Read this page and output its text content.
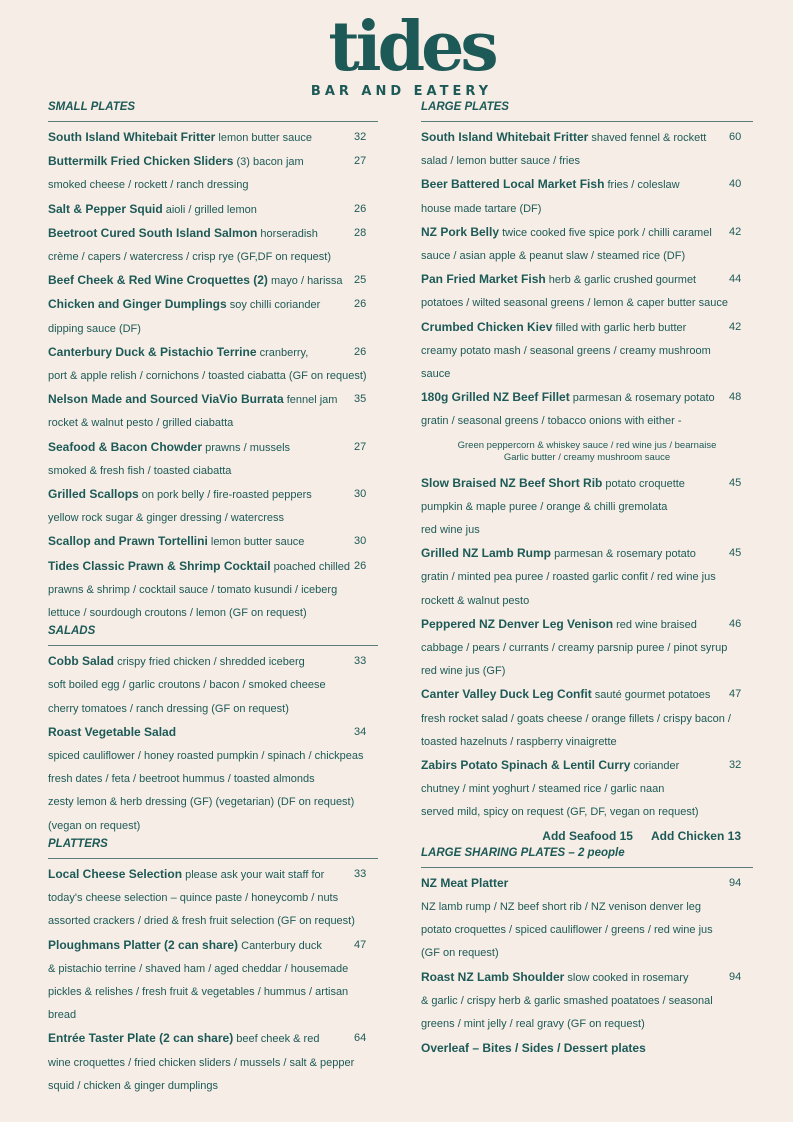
tides
BAR AND EATERY
SMALL PLATES
South Island Whitebait Fritter lemon butter sauce	32
Buttermilk Fried Chicken Sliders (3) bacon jam	27
smoked cheese / rockett / ranch dressing
Salt & Pepper Squid aioli / grilled lemon	26
Beetroot Cured South Island Salmon horseradish	28
crème / capers / watercress / crisp rye (GF,DF on request)
Beef Cheek & Red Wine Croquettes (2) mayo / harissa 25
Chicken and Ginger Dumplings soy chilli coriander	26
dipping sauce (DF)
Canterbury Duck & Pistachio Terrine cranberry,	26
port & apple relish / cornichons / toasted ciabatta (GF on request)
Nelson Made and Sourced ViaVio Burrata fennel jam 35
rocket & walnut pesto / grilled ciabatta
Seafood & Bacon Chowder prawns / mussels	27
smoked & fresh fish / toasted ciabatta
Grilled Scallops on pork belly / fire-roasted peppers	30
yellow rock sugar & ginger dressing / watercress
Scallop and Prawn Tortellini lemon butter sauce	30
Tides Classic Prawn & Shrimp Cocktail poached chilled 26
prawns & shrimp / cocktail sauce / tomato kusundi / iceberg
lettuce / sourdough croutons / lemon (GF on request)
SALADS
Cobb Salad crispy fried chicken / shredded iceberg	33
soft boiled egg / garlic croutons / bacon / smoked cheese
cherry tomatoes / ranch dressing (GF on request)
Roast Vegetable Salad	34
spiced cauliflower / honey roasted pumpkin / spinach / chickpeas
fresh dates / feta / beetroot hummus / toasted almonds
zesty lemon & herb dressing (GF) (vegetarian) (DF on request)
(vegan on request)
PLATTERS
Local Cheese Selection please ask your wait staff for	33
today's cheese selection – quince paste / honeycomb / nuts
assorted crackers / dried & fresh fruit selection (GF on request)
Ploughmans Platter (2 can share) Canterbury duck	47
& pistachio terrine / shaved ham / aged cheddar / housemade
pickles & relishes / fresh fruit & vegetables / hummus / artisan
bread
Entrée Taster Plate (2 can share) beef cheek & red	64
wine croquettes / fried chicken sliders / mussels / salt & pepper
squid / chicken & ginger dumplings
LARGE PLATES
South Island Whitebait Fritter shaved fennel & rockett 60
salad / lemon butter sauce / fries
Beer Battered Local Market Fish fries / coleslaw	40
house made tartare (DF)
NZ Pork Belly twice cooked five spice pork / chilli caramel 42
sauce / asian apple & peanut slaw / steamed rice (DF)
Pan Fried Market Fish herb & garlic crushed gourmet	44
potatoes / wilted seasonal greens / lemon & caper butter sauce
Crumbed Chicken Kiev filled with garlic herb butter	42
creamy potato mash / seasonal greens / creamy mushroom
sauce
180g Grilled NZ Beef Fillet parmesan & rosemary potato 48
gratin / seasonal greens / tobacco onions with either -
Green peppercorn & whiskey sauce / red wine jus / bearnaise
Garlic butter / creamy mushroom sauce
Slow Braised NZ Beef Short Rib potato croquette	45
pumpkin & maple puree / orange & chilli gremolata
red wine jus
Grilled NZ Lamb Rump parmesan & rosemary potato	45
gratin / minted pea puree / roasted garlic confit / red wine jus
rockett & walnut pesto
Peppered NZ Denver Leg Venison red wine braised	46
cabbage / pears / currants / creamy parsnip puree / pinot syrup
red wine jus (GF)
Canter Valley Duck Leg Confit sauté gourmet potatoes 47
fresh rocket salad / goats cheese / orange fillets / crispy bacon /
toasted hazelnuts / raspberry vinaigrette
Zabirs Potato Spinach & Lentil Curry coriander	32
chutney / mint yoghurt / steamed rice / garlic naan
served mild, spicy on request (GF, DF, vegan on request)
Add Seafood 15 Add Chicken 13
LARGE SHARING PLATES – 2 people
NZ Meat Platter	94
NZ lamb rump / NZ beef short rib / NZ venison denver leg
potato croquettes / spiced cauliflower / greens / red wine jus
(GF on request)
Roast NZ Lamb Shoulder slow cooked in rosemary	94
& garlic / crispy herb & garlic smashed poatatoes / seasonal
greens / mint jelly / real gravy (GF on request)
Overleaf – Bites / Sides / Dessert plates
